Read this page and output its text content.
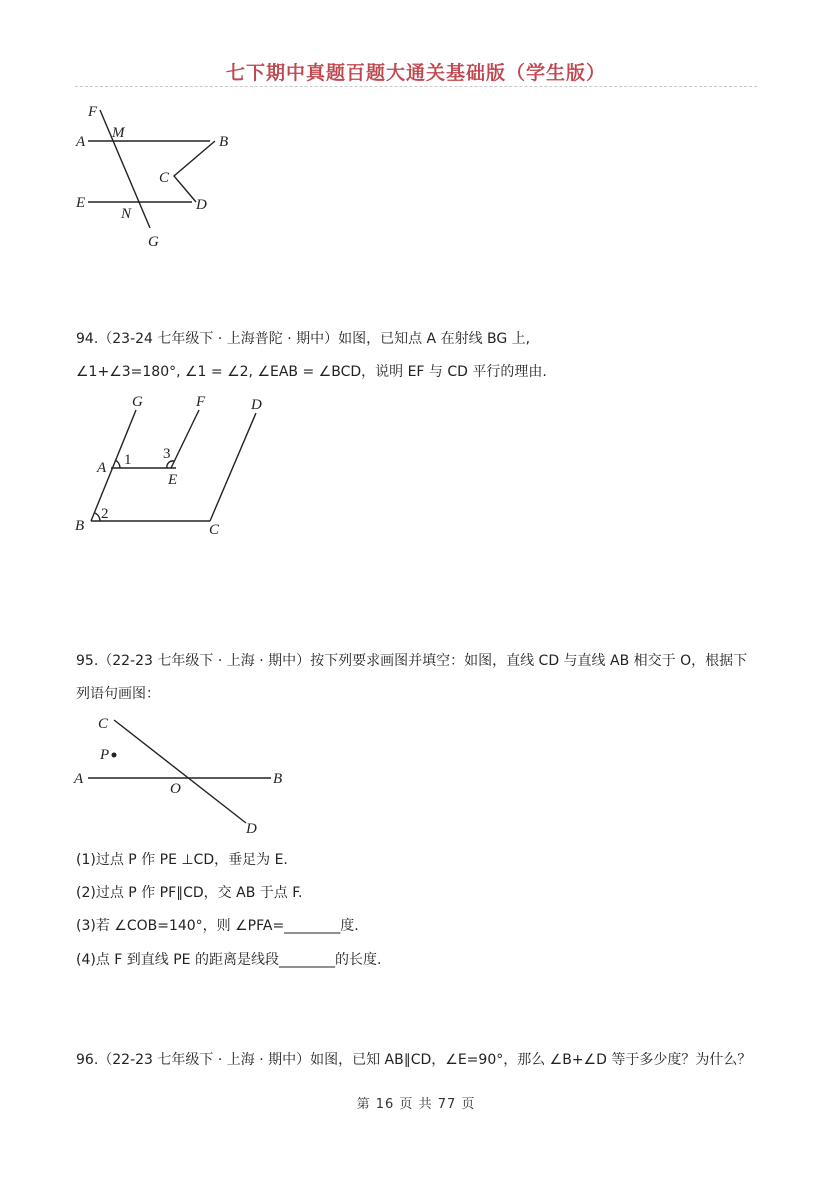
七下期中真题百题大通关基础版（学生版）
F
M
A	B
C
E	D
N
G
94.（23-24 七年级下 · 上海普陀 · 期中）如图，已知点 A 在射线 BG 上,
∠1+∠3=180°, ∠1 = ∠2, ∠EAB = ∠BCD，说明 EF 与 CD 平行的理由.
G	F	D
A 1 3
E
B
2
C
95.（22-23 七年级下 · 上海 · 期中）按下列要求画图并填空：如图，直线 CD 与直线 AB 相交于 O，根据下
列语句画图：
C
P
A
O
B
D
(1)过点 P 作 PE ⊥CD，垂足为 E.
(2)过点 P 作 PF∥CD，交 AB 于点 F.
(3)若 ∠COB=140°，则 ∠PFA=________度.
(4)点 F 到直线 PE 的距离是线段________的长度.
96.（22-23 七年级下 · 上海 · 期中）如图，已知 AB∥CD，∠E=90°，那么 ∠B+∠D 等于多少度？为什么？
第 16 页 共 77 页
